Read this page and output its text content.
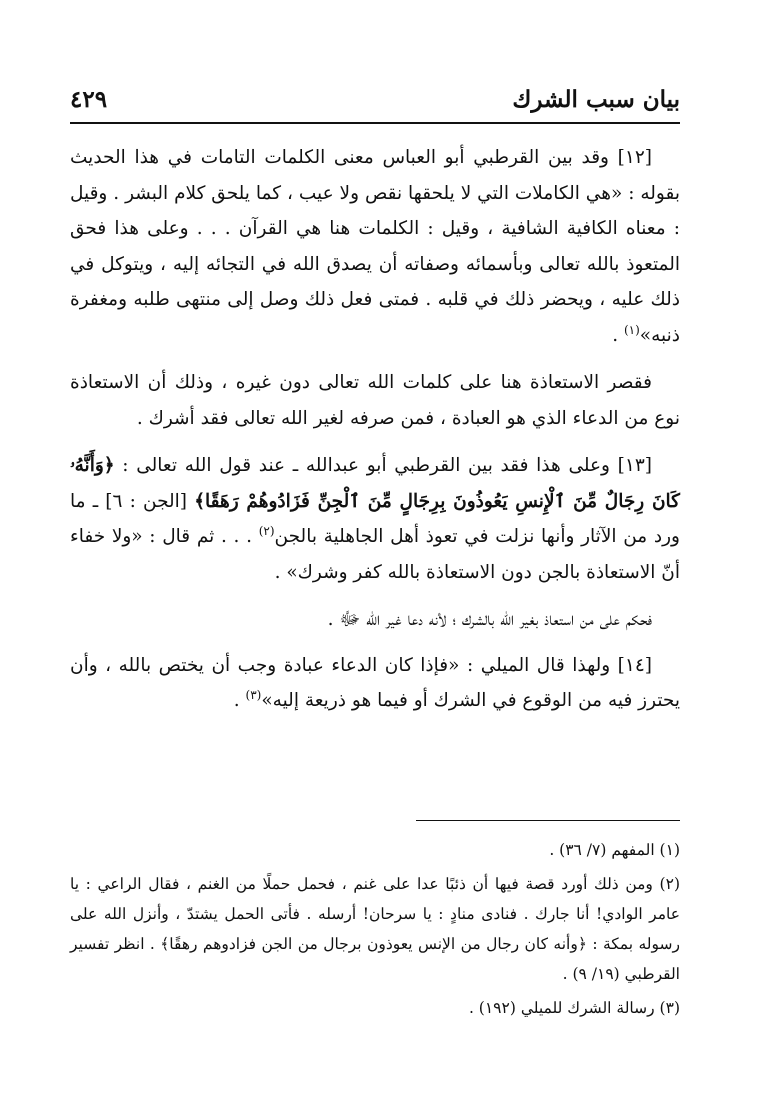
بيان سبب الشرك
٤٢٩

[١٢] وقد بين القرطبي أبو العباس معنى الكلمات التامات في هذا الحديث بقوله : «هي الكاملات التي لا يلحقها نقص ولا عيب ، كما يلحق كلام البشر . وقيل : معناه الكافية الشافية ، وقيل : الكلمات هنا هي القرآن . . . وعلى هذا فحق المتعوذ بالله تعالى وبأسمائه وصفاته أن يصدق الله في التجائه إليه ، ويتوكل في ذلك عليه ، ويحضر ذلك في قلبه . فمتى فعل ذلك وصل إلى منتهى طلبه ومغفرة ذنبه»$^{(١)}$ .

فقصر الاستعاذة هنا على كلمات الله تعالى دون غيره ، وذلك أن الاستعاذة نوع من الدعاء الذي هو العبادة ، فمن صرفه لغير الله تعالى فقد أشرك .

[١٣] وعلى هذا فقد بين القرطبي أبو عبدالله ـ عند قول الله تعالى : ﴿وَأَنَّهُۥ كَانَ رِجَالٌ مِّنَ ٱلْإِنسِ يَعُوذُونَ بِرِجَالٍ مِّنَ ٱلْجِنِّ فَزَادُوهُمْ رَهَقًا﴾ [الجن : ٦] ـ ما ورد من الآثار وأنها نزلت في تعوذ أهل الجاهلية بالجن$^{(٢)}$ . . . ثم قال : «ولا خفاء أنّ الاستعاذة بالجن دون الاستعاذة بالله كفر وشرك» .

فحكم على من استعاذ بغير الله بالشرك ؛ لأنه دعا غير الله ﷻ .

[١٤] ولهذا قال الميلي : «فإذا كان الدعاء عبادة وجب أن يختص بالله ، وأن يحترز فيه من الوقوع في الشرك أو فيما هو ذريعة إليه»$^{(٣)}$ .

(١) المفهم (٧/ ٣٦) .

(٢) ومن ذلك أورد قصة فيها أن ذئبًا عدا على غنم ، فحمل حملًا من الغنم ، فقال الراعي : يا عامر الوادي! أنا جارك . فنادى منادٍ : يا سرحان! أرسله . فأتى الحمل يشتدّ ، وأنزل الله على رسوله بمكة : ﴿وأنه كان رجال من الإنس يعوذون برجال من الجن فزادوهم رهقًا﴾ . انظر تفسير القرطبي (١٩/ ٩) .

(٣) رسالة الشرك للميلي (١٩٢) .
